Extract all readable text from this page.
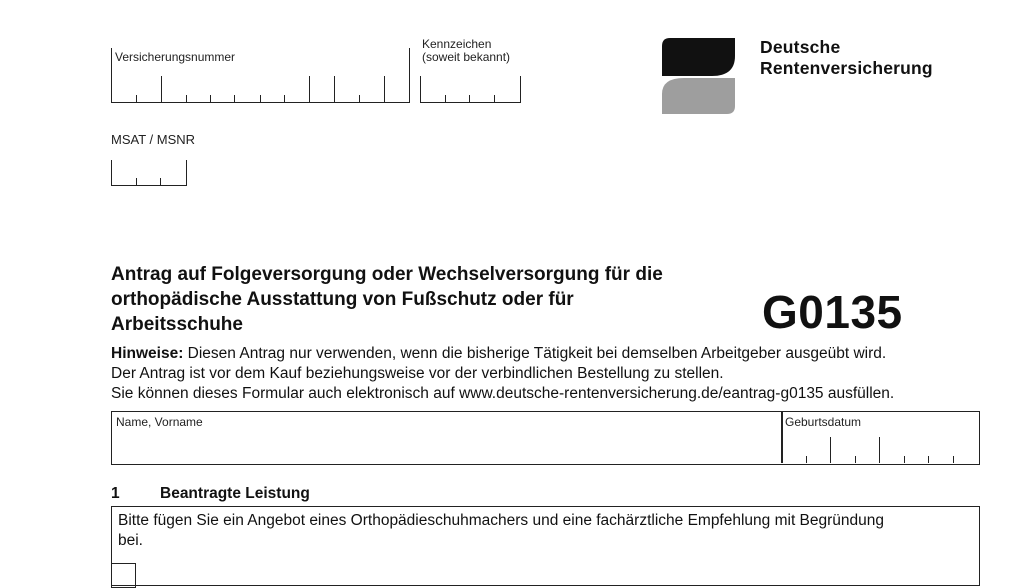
Versicherungsnummer
Kennzeichen
(soweit bekannt)
MSAT / MSNR
Deutsche
Rentenversicherung
Antrag auf Folgeversorgung oder Wechselversorgung für die
orthopädische Ausstattung von Fußschutz oder für
Arbeitsschuhe	G0135
Hinweise: Diesen Antrag nur verwenden, wenn die bisherige Tätigkeit bei demselben Arbeitgeber ausgeübt wird.
Der Antrag ist vor dem Kauf beziehungsweise vor der verbindlichen Bestellung zu stellen.
Sie können dieses Formular auch elektronisch auf www.deutsche-rentenversicherung.de/eantrag-g0135 ausfüllen.
Name, Vorname	Geburtsdatum
1	Beantragte Leistung
Bitte fügen Sie ein Angebot eines Orthopädieschuhmachers und eine fachärztliche Empfehlung mit Begründung
bei.
